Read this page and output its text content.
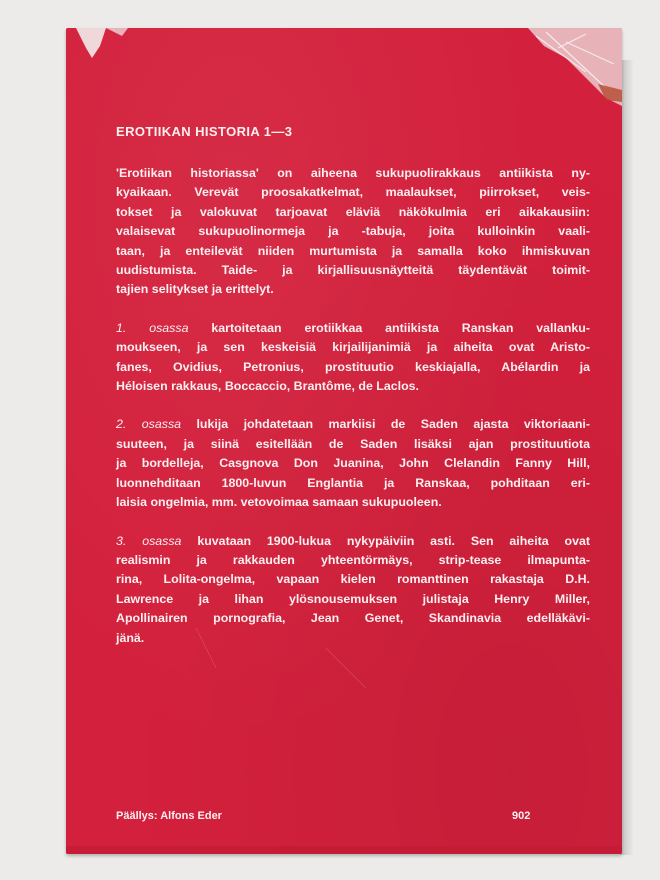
EROTIIKAN HISTORIA 1—3
'Erotiikan historiassa' on aiheena sukupuolirakkaus antiikista ny-
kyaikaan. Verevät proosakatkelmat, maalaukset, piirrokset, veis-
tokset ja valokuvat tarjoavat eläviä näkökulmia eri aikakausiin:
valaisevat sukupuolinormeja ja -tabuja, joita kulloinkin vaali-
taan, ja enteilevät niiden murtumista ja samalla koko ihmiskuvan
uudistumista. Taide- ja kirjallisuusnäytteitä täydentävät toimit-
tajien selitykset ja erittelyt.
1. osassa kartoitetaan erotiikkaa antiikista Ranskan vallanku-
moukseen, ja sen keskeisiä kirjailijanimiä ja aiheita ovat Aristo-
fanes, Ovidius, Petronius, prostituutio keskiajalla, Abélardin ja
Héloisen rakkaus, Boccaccio, Brantôme, de Laclos.
2. osassa lukija johdatetaan markiisi de Saden ajasta viktoriaani-
suuteen, ja siinä esitellään de Saden lisäksi ajan prostituutiota
ja bordelleja, Casgnova Don Juanina, John Clelandin Fanny Hill,
luonnehditaan 1800-luvun Englantia ja Ranskaa, pohditaan eri-
laisia ongelmia, mm. vetovoimaa samaan sukupuoleen.
3. osassa kuvataan 1900-lukua nykypäiviin asti. Sen aiheita ovat
realismin ja rakkauden yhteentörmäys, strip-tease ilmapunta-
rina, Lolita-ongelma, vapaan kielen romanttinen rakastaja D.H.
Lawrence ja lihan ylösnousemuksen julistaja Henry Miller,
Apollinairen pornografia, Jean Genet, Skandinavia edelläkävi-
jänä.
Päällys: Alfons Eder	902
